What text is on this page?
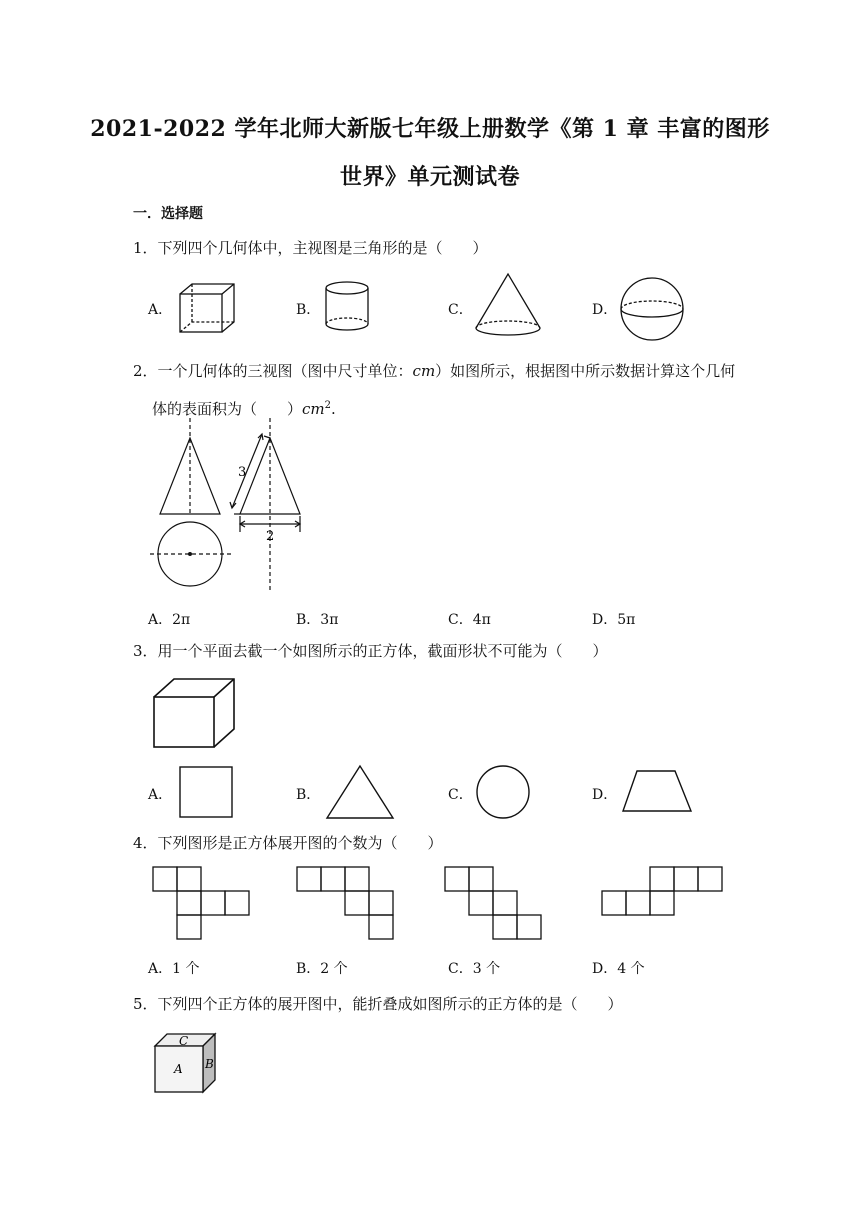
2021-2022 学年北师大新版七年级上册数学《第 1 章 丰富的图形
世界》单元测试卷
一．选择题
1．下列四个几何体中，主视图是三角形的是（　　）
A．	B．	C．	D．
2．一个几何体的三视图（图中尺寸单位：cm）如图所示，根据图中所示数据计算这个几何
体的表面积为（　　）$cm^2$.
3
2
A．2π	B．3π	C．4π	D．5π
3．用一个平面去截一个如图所示的正方体，截面形状不可能为（　　）
A．	B．	C．	D．
4．下列图形是正方体展开图的个数为（　　）
A．1 个	B．2 个	C．3 个	D．4 个
5．下列四个正方体的展开图中，能折叠成如图所示的正方体的是（　　）
C
A B
